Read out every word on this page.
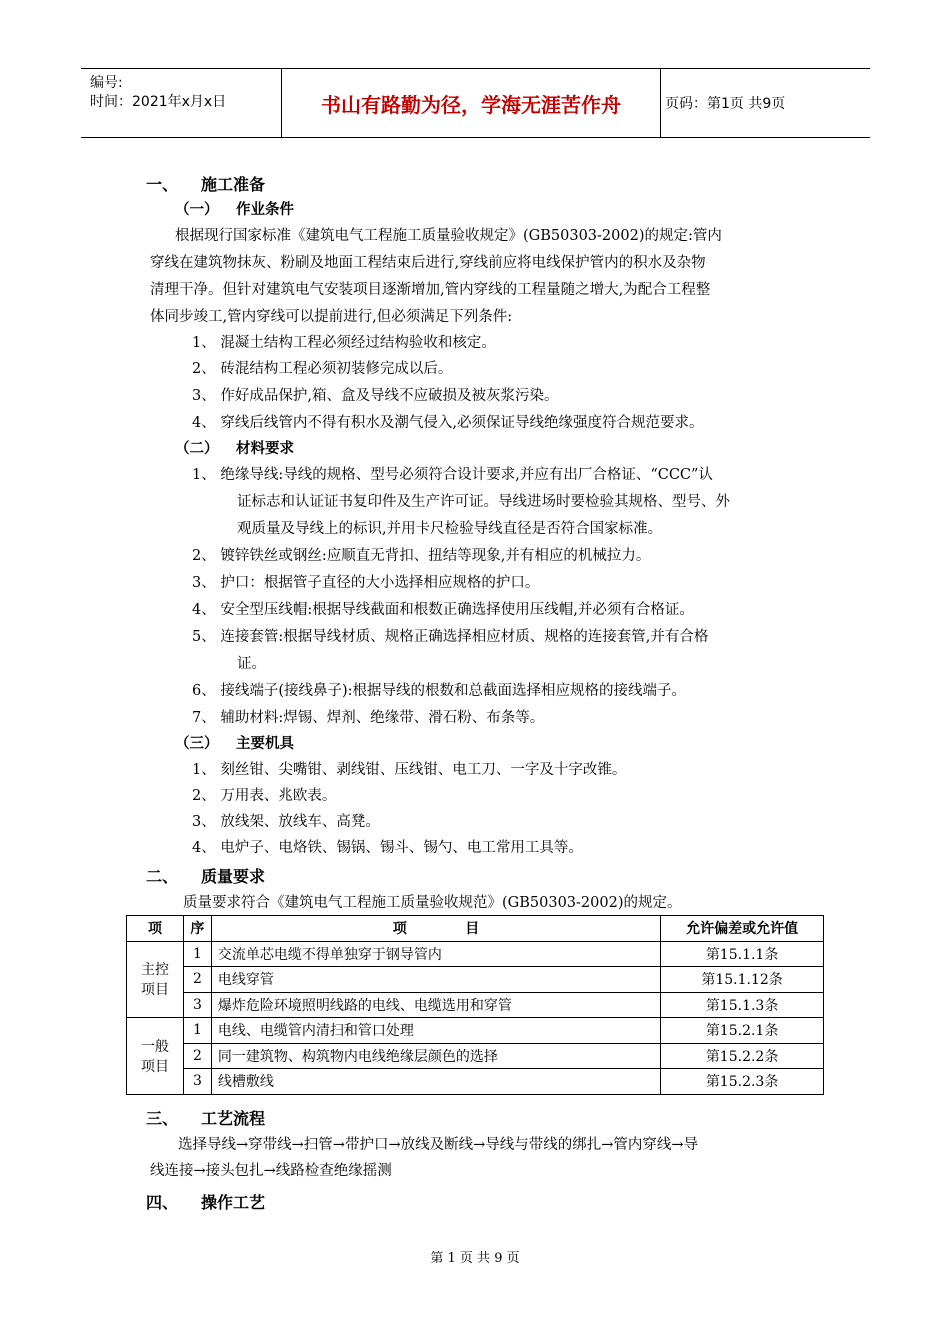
编号:
时间：2021年x月x日	书山有路勤为径，学海无涯苦作舟	页码：第1页 共9页
一、 施工准备
（一） 作业条件
根据现行国家标准《建筑电气工程施工质量验收规定》(GB50303-2002)的规定:管内
穿线在建筑物抹灰、粉刷及地面工程结束后进行,穿线前应将电线保护管内的积水及杂物
清理干净。但针对建筑电气安装项目逐渐增加,管内穿线的工程量随之增大,为配合工程整
体同步竣工,管内穿线可以提前进行,但必须满足下列条件:
1、 混凝土结构工程必须经过结构验收和核定。
2、 砖混结构工程必须初装修完成以后。
3、 作好成品保护,箱、盒及导线不应破损及被灰浆污染。
4、 穿线后线管内不得有积水及潮气侵入,必须保证导线绝缘强度符合规范要求。
（二） 材料要求
1、 绝缘导线:导线的规格、型号必须符合设计要求,并应有出厂合格证、“CCC”认
证标志和认证证书复印件及生产许可证。导线进场时要检验其规格、型号、外
观质量及导线上的标识,并用卡尺检验导线直径是否符合国家标准。
2、 镀锌铁丝或钢丝:应顺直无背扣、扭结等现象,并有相应的机械拉力。
3、 护口：根据管子直径的大小选择相应规格的护口。
4、 安全型压线帽:根据导线截面和根数正确选择使用压线帽,并必须有合格证。
5、 连接套管:根据导线材质、规格正确选择相应材质、规格的连接套管,并有合格
证。
6、 接线端子(接线鼻子):根据导线的根数和总截面选择相应规格的接线端子。
7、 辅助材料:焊锡、焊剂、绝缘带、滑石粉、布条等。
（三） 主要机具
1、 刻丝钳、尖嘴钳、剥线钳、压线钳、电工刀、一字及十字改锥。
2、 万用表、兆欧表。
3、 放线架、放线车、高凳。
4、 电炉子、电烙铁、锡锅、锡斗、锡勺、电工常用工具等。
二、 质量要求
质量要求符合《建筑电气工程施工质量验收规范》(GB50303-2002)的规定。
项	序	项            目	允许偏差或允许值

主控
项目	1	交流单芯电缆不得单独穿于钢导管内	第15.1.1条
	2	电线穿管	第15.1.12条
	3	爆炸危险环境照明线路的电线、电缆选用和穿管	第15.1.3条

一般
项目	1	电线、电缆管内清扫和管口处理	第15.2.1条
	2	同一建筑物、构筑物内电线绝缘层颜色的选择	第15.2.2条
	3	线槽敷线	第15.2.3条
三、 工艺流程
选择导线→穿带线→扫管→带护口→放线及断线→导线与带线的绑扎→管内穿线→导
线连接→接头包扎→线路检查绝缘摇测
四、 操作工艺
第 1 页 共 9 页
